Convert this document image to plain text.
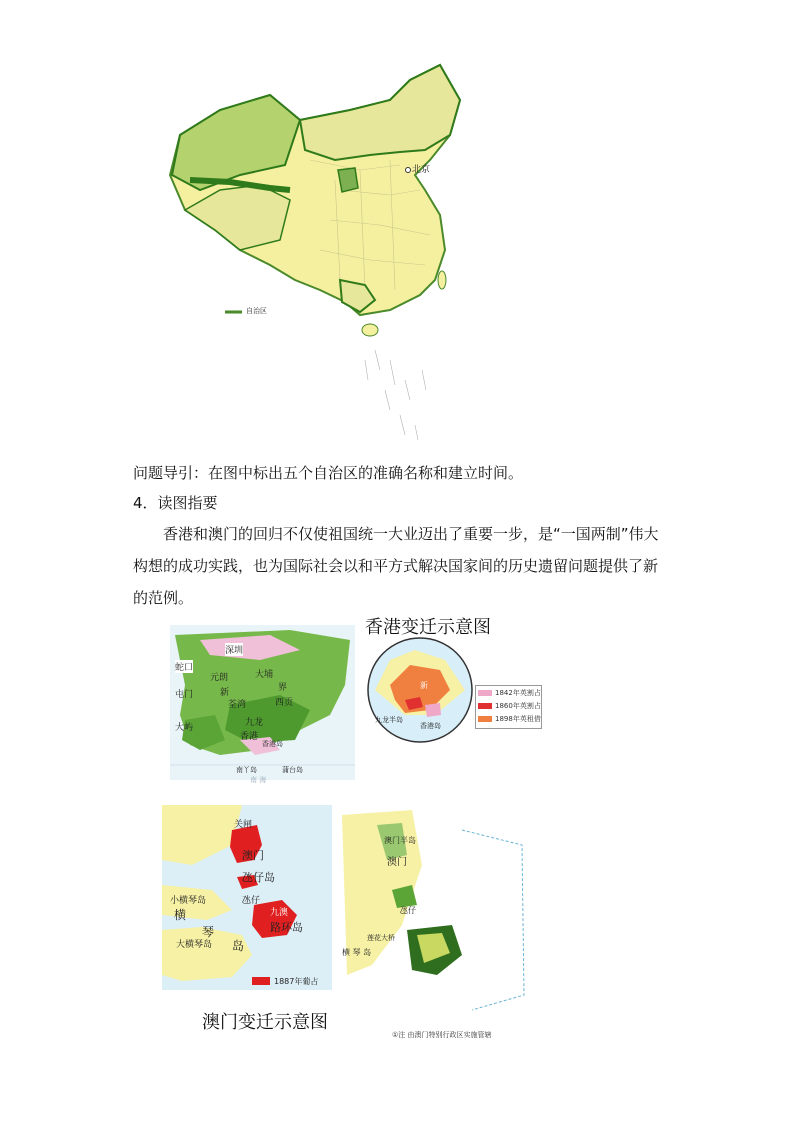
北京
自治区
问题导引：在图中标出五个自治区的准确名称和建立时间。
4．读图指要
香港和澳门的回归不仅使祖国统一大业迈出了重要一步，是“一国两制”伟大构想的成功实践，也为国际社会以和平方式解决国家间的历史遗留问题提供了新的范例。
深圳
蛇口
屯门
元朗	大埔
新	界
荃湾	西贡
九龙
香港
香港岛
大屿
南丫岛	蒲台岛
南 海
香港变迁示意图
新
九龙半岛
香港岛
1842年英割占
1860年英割占
1898年英租借
关闸
澳门
氹仔岛
氹仔
九澳
路环岛
小横琴岛
横
琴
岛
大横琴岛
澳门半岛
澳门
氹仔
莲花大桥
横 琴 岛
1887年葡占
澳门变迁示意图
①注 由澳门特别行政区实施管辖
